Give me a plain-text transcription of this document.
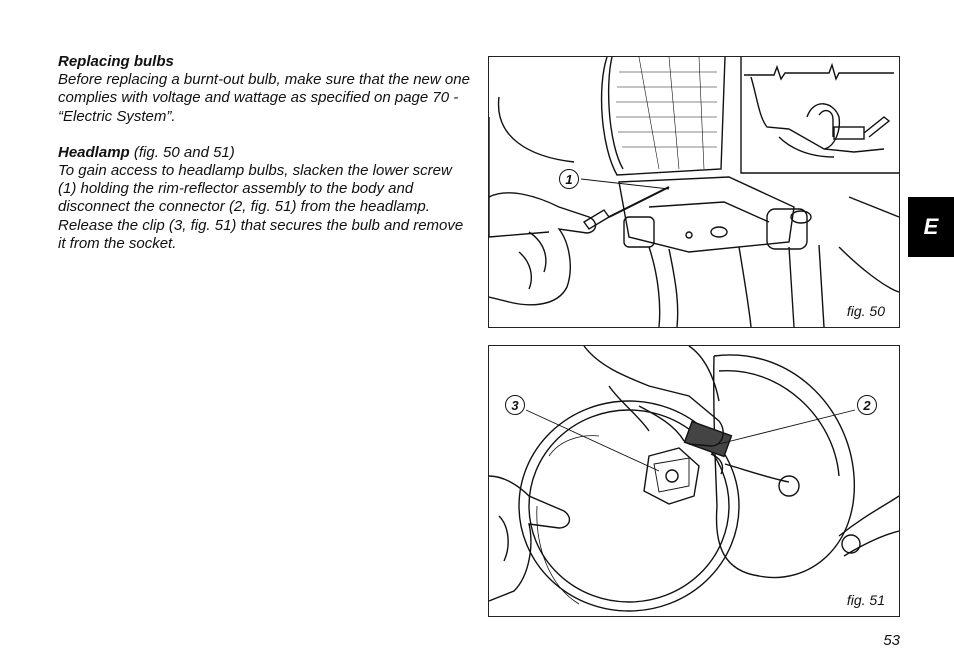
Replacing bulbs

Before replacing a burnt-out bulb, make sure that the new one complies with voltage and wattage as specified on page 70 - “Electric System”.

Headlamp (fig. 50 and 51)

To gain access to headlamp bulbs, slacken the lower screw (1) holding the rim-reflector assembly to the body and disconnect the connector (2, fig. 51) from the headlamp. Release the clip (3, fig. 51) that secures the bulb and remove it from the socket.

1
fig. 50
3	2
fig. 51
E
53
